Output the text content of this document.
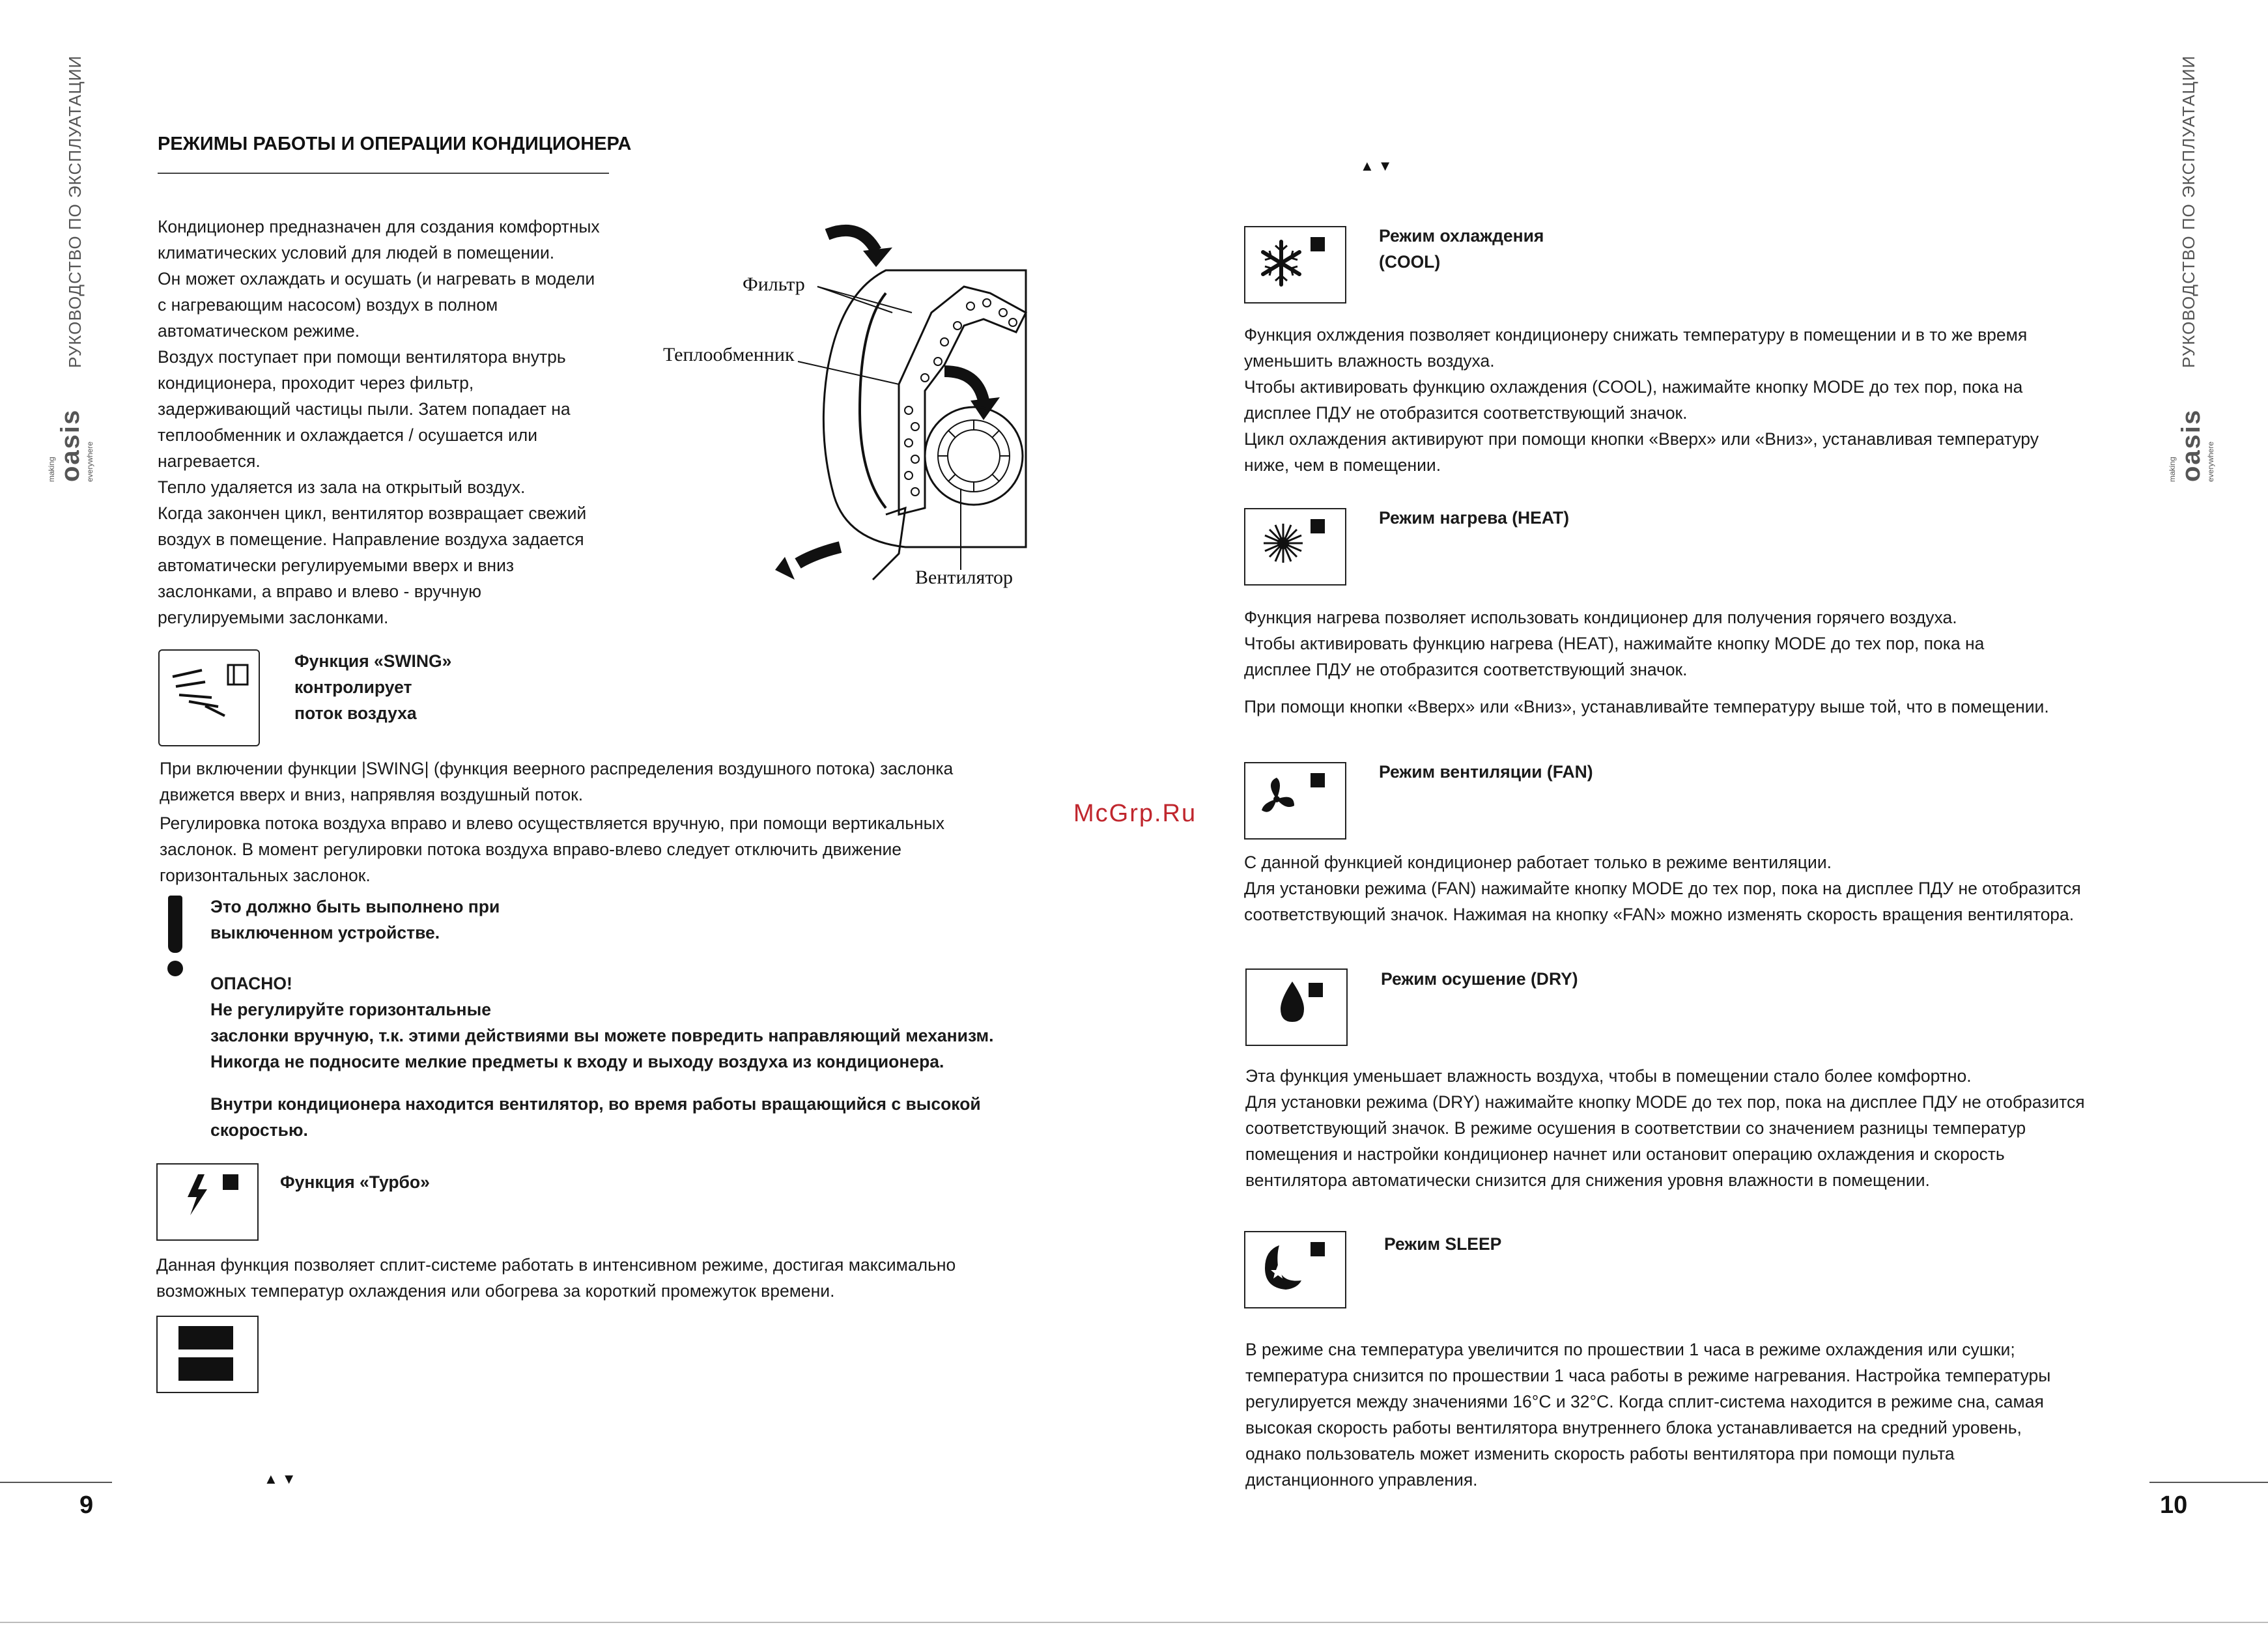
РУКОВОДСТВО ПО ЭКСПЛУАТАЦИИ
making oasis everywhere
РУКОВОДСТВО ПО ЭКСПЛУАТАЦИИ
making oasis everywhere
РЕЖИМЫ РАБОТЫ И ОПЕРАЦИИ КОНДИЦИОНЕРА
Кондиционер предназначен для создания комфортных
климатических условий для людей в помещении.
Он может охлаждать и осушать (и нагревать в модели
с нагревающим насосом) воздух в полном
автоматическом режиме.
Воздух поступает при помощи вентилятора внутрь
кондиционера, проходит через фильтр,
задерживающий частицы пыли. Затем попадает на
теплообменник и охлаждается / осушается или
нагревается.
Тепло удаляется из зала на открытый воздух.
Когда закончен цикл, вентилятор возвращает свежий
воздух в помещение. Направление воздуха задается
автоматически регулируемыми вверх и вниз
заслонками, а вправо и влево - вручную
регулируемыми заслонками.
Фильтр
Теплообменник
Вентилятор
Функция «SWING»
контролирует
поток воздуха
При включении функции |SWING| (функция веерного распределения воздушного потока) заслонка
движется вверх и вниз, напрявляя воздушный поток.
Регулировка потока воздуха вправо и влево осуществляется вручную, при помощи вертикальных
заслонок. В момент регулировки потока воздуха вправо-влево следует отключить движение
горизонтальных заслонок.
Это должно быть выполнено при
выключенном устройстве.
ОПАСНО!
Не регулируйте горизонтальные
заслонки вручную, т.к. этими действиями вы можете повредить направляющий механизм.
Никогда не подносите мелкие предметы к входу и выходу воздуха из кондиционера.
Внутри кондиционера находится вентилятор, во время работы вращающийся с высокой
скоростью.
Функция «Турбо»
Данная функция позволяет сплит-системе работать в интенсивном режиме, достигая максимально
возможных температур охлаждения или обогрева за короткий промежуток времени.
▲▼
9
McGrp.Ru
▲▼
Режим охлаждения
(COOL)
Функция охлждения позволяет кондиционеру снижать температуру в помещении и в то же время
уменьшить влажность воздуха.
Чтобы активировать функцию охлаждения (COOL), нажимайте кнопку MODE до тех пор, пока на
дисплее ПДУ не отобразится соответствующий значок.
Цикл охлаждения активируют при помощи кнопки «Вверх» или «Вниз», устанавливая температуру
ниже, чем в помещении.
Режим нагрева (HEAT)
Функция нагрева позволяет использовать кондиционер для получения горячего воздуха.
Чтобы активировать функцию нагрева (HEAT), нажимайте кнопку MODE до тех пор, пока на
дисплее ПДУ не отобразится соответствующий значок.
При помощи кнопки «Вверх» или «Вниз», устанавливайте температуру выше той, что в помещении.
Режим вентиляции (FAN)
С данной функцией кондиционер работает только в режиме вентиляции.
Для установки режима (FAN) нажимайте кнопку MODE до тех пор, пока на дисплее ПДУ не отобразится
соответствующий значок. Нажимая на кнопку «FAN» можно изменять скорость вращения вентилятора.
Режим осушение (DRY)
Эта функция уменьшает влажность воздуха, чтобы в помещении стало более комфортно.
Для установки режима (DRY) нажимайте кнопку MODE до тех пор, пока на дисплее ПДУ не отобразится
соответствующий значок. В режиме осушения в соответствии со значением разницы температур
помещения и настройки кондиционер начнет или остановит операцию охлаждения и скорость
вентилятора автоматически снизится для снижения уровня влажности в помещении.
Режим SLEEP
В режиме сна температура увеличится по прошествии 1 часа в режиме охлаждения или сушки;
температура снизится по прошествии 1 часа работы в режиме нагревания. Настройка температуры
регулируется между значениями 16°C и 32°C. Когда сплит-система находится в режиме сна, самая
высокая скорость работы вентилятора внутреннего блока устанавливается на средний уровень,
однако пользователь может изменить скорость работы вентилятора при помощи пульта
дистанционного управления.
10
